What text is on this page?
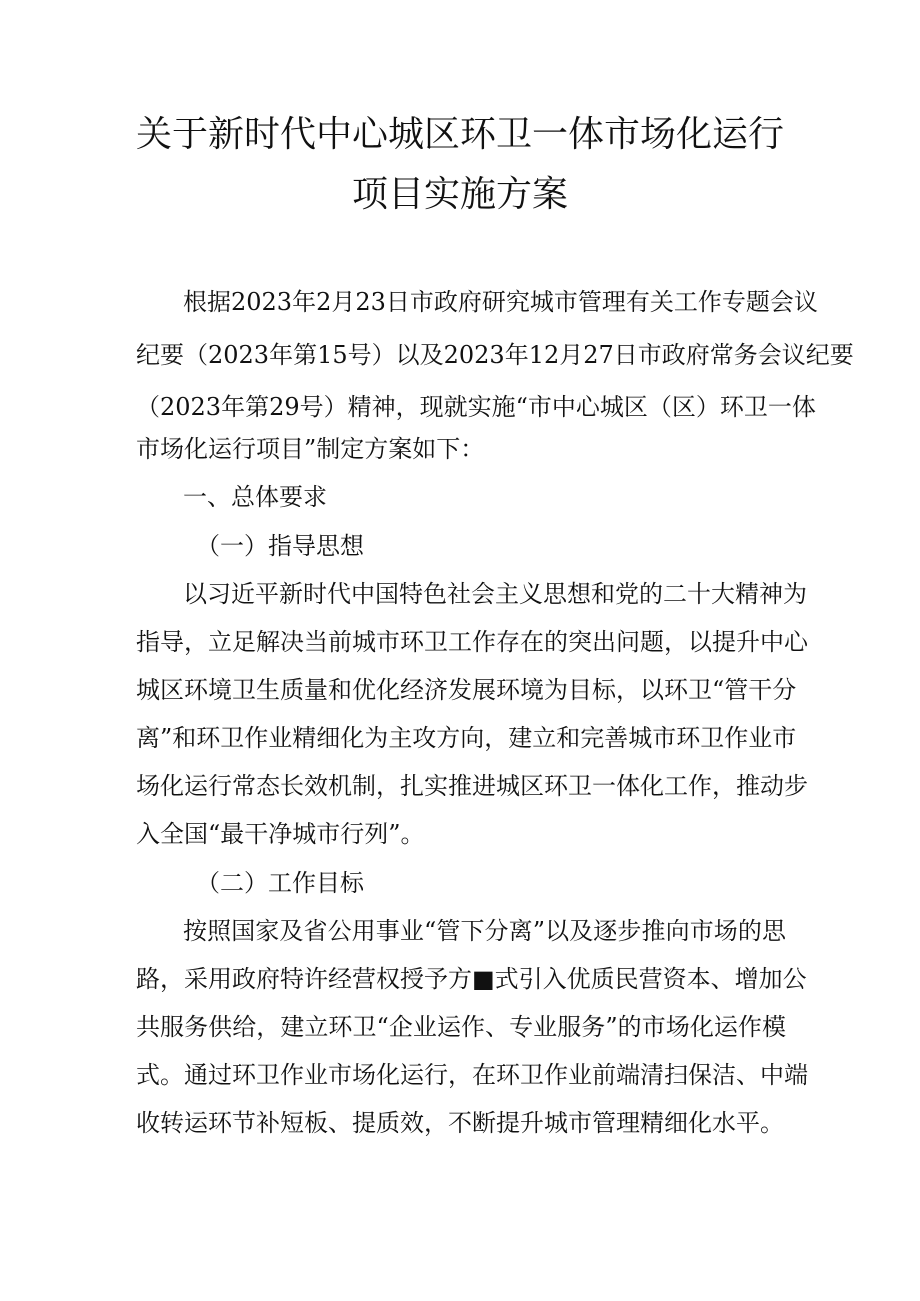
关于新时代中心城区环卫一体市场化运行
项目实施方案
根据2023年2月23日市政府研究城市管理有关工作专题会议
纪要（2023年第15号）以及2023年12月27日市政府常务会议纪要
（2023年第29号）精神，现就实施“市中心城区（区）环卫一体
市场化运行项目”制定方案如下：
一、总体要求
（一）指导思想
以习近平新时代中国特色社会主义思想和党的二十大精神为
指导，立足解决当前城市环卫工作存在的突出问题，以提升中心
城区环境卫生质量和优化经济发展环境为目标，以环卫“管干分
离”和环卫作业精细化为主攻方向，建立和完善城市环卫作业市
场化运行常态长效机制，扎实推进城区环卫一体化工作，推动步
入全国“最干净城市行列”。
（二）工作目标
按照国家及省公用事业“管下分离”以及逐步推向市场的思
路，采用政府特许经营权授予方■式引入优质民营资本、增加公
共服务供给，建立环卫“企业运作、专业服务”的市场化运作模
式。通过环卫作业市场化运行，在环卫作业前端清扫保洁、中端
收转运环节补短板、提质效，不断提升城市管理精细化水平。
